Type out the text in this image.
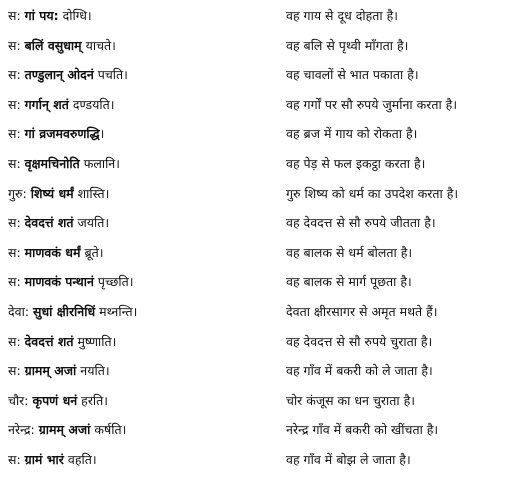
स: गां पय: दोग्धि।	वह गाय से दूध दोहता है।
स: बलिं वसुधाम् याचते।	वह बलि से पृथ्वी माँगता है।
स: तण्डुलान् ओदनं पचति।	वह चावलों से भात पकाता है।
स: गर्गान् शतं दण्डयति।	वह गर्गों पर सौ रुपये जुर्माना करता है।
स: गां व्रजमवरुणद्धि।	वह ब्रज में गाय को रोकता है।
स: वृक्षमचिनोति फलानि।	वह पेड़ से फल इकट्ठा करता है।
गुरु: शिष्यं धर्मं शास्ति।	गुरु शिष्य को धर्म का उपदेश करता है।
स: देवदत्तं शतं जयति।	वह देवदत्त से सौ रुपये जीतता है।
स: माणवकं धर्मं ब्रूते।	वह बालक से धर्म बोलता है।
स: माणवकं पन्थानं पृच्छति।	वह बालक से मार्ग पूछता है।
देवा: सुधां क्षीरनिधिं मथ्नन्ति।	देवता क्षीरसागर से अमृत मथते हैं।
स: देवदत्तं शतं मुष्णाति।	वह देवदत्त से सौ रुपये चुराता है।
स: ग्रामम् अजां नयति।	वह गाँव में बकरी को ले जाता है।
चौर: कृपणं धनं हरति।	चोर कंजूस का धन चुराता है।
नरेन्द्र: ग्रामम् अजां कर्षति।	नरेन्द्र गाँव में बकरी को खींचता है।
स: ग्रामं भारं वहति।	वह गाँव में बोझ ले जाता है।
